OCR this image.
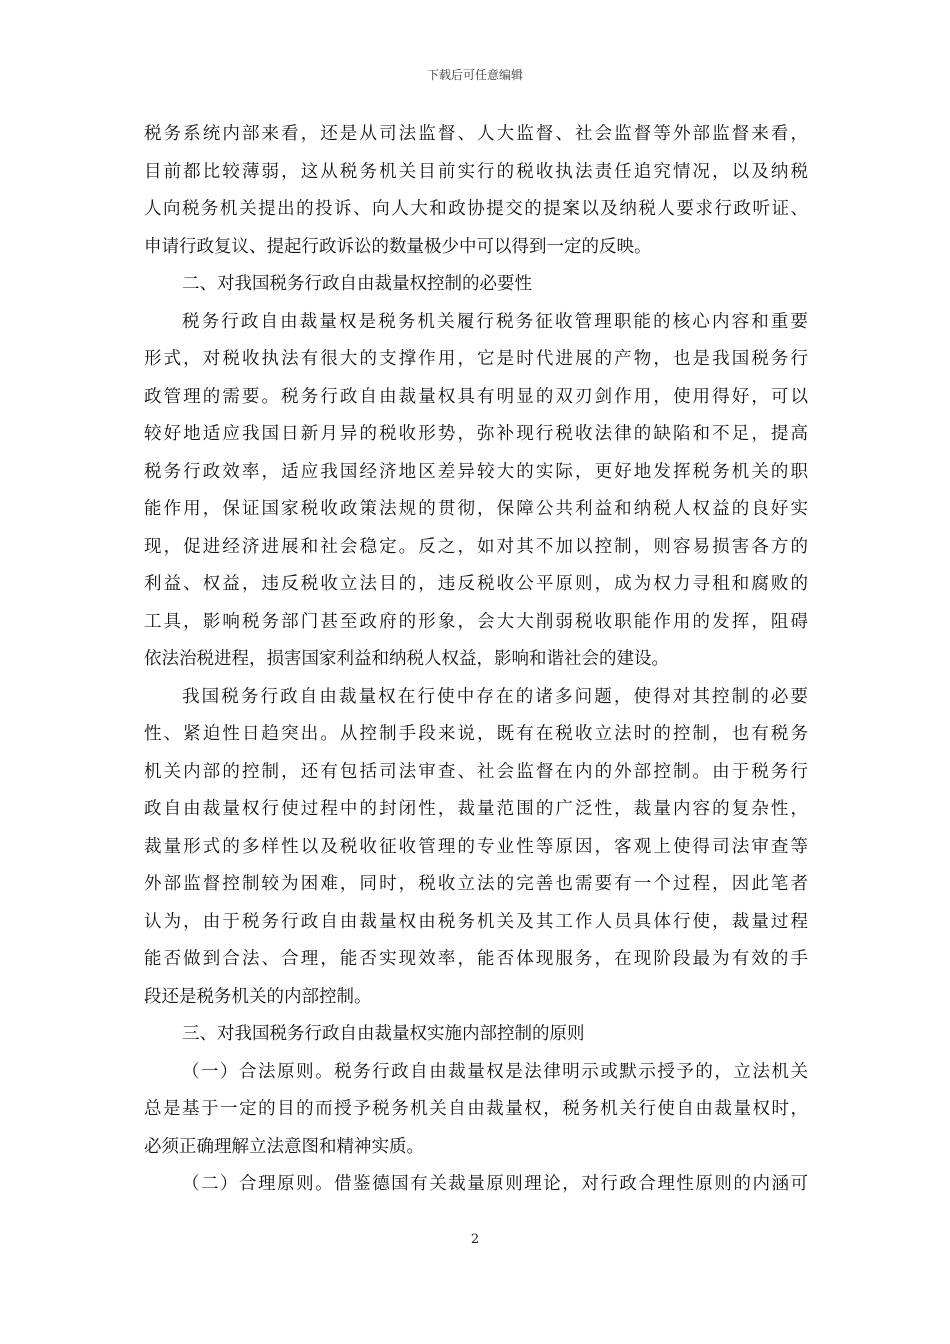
下载后可任意编辑
税务系统内部来看，还是从司法监督、人大监督、社会监督等外部监督来看，
目前都比较薄弱，这从税务机关目前实行的税收执法责任追究情况，以及纳税
人向税务机关提出的投诉、向人大和政协提交的提案以及纳税人要求行政听证、
申请行政复议、提起行政诉讼的数量极少中可以得到一定的反映。
二、对我国税务行政自由裁量权控制的必要性
税务行政自由裁量权是税务机关履行税务征收管理职能的核心内容和重要
形式，对税收执法有很大的支撑作用，它是时代进展的产物，也是我国税务行
政管理的需要。税务行政自由裁量权具有明显的双刃剑作用，使用得好，可以
较好地适应我国日新月异的税收形势，弥补现行税收法律的缺陷和不足，提高
税务行政效率，适应我国经济地区差异较大的实际，更好地发挥税务机关的职
能作用，保证国家税收政策法规的贯彻，保障公共利益和纳税人权益的良好实
现，促进经济进展和社会稳定。反之，如对其不加以控制，则容易损害各方的
利益、权益，违反税收立法目的，违反税收公平原则，成为权力寻租和腐败的
工具，影响税务部门甚至政府的形象，会大大削弱税收职能作用的发挥，阻碍
依法治税进程，损害国家利益和纳税人权益，影响和谐社会的建设。
我国税务行政自由裁量权在行使中存在的诸多问题，使得对其控制的必要
性、紧迫性日趋突出。从控制手段来说，既有在税收立法时的控制，也有税务
机关内部的控制，还有包括司法审查、社会监督在内的外部控制。由于税务行
政自由裁量权行使过程中的封闭性，裁量范围的广泛性，裁量内容的复杂性，
裁量形式的多样性以及税收征收管理的专业性等原因，客观上使得司法审查等
外部监督控制较为困难，同时，税收立法的完善也需要有一个过程，因此笔者
认为，由于税务行政自由裁量权由税务机关及其工作人员具体行使，裁量过程
能否做到合法、合理，能否实现效率，能否体现服务，在现阶段最为有效的手
段还是税务机关的内部控制。
三、对我国税务行政自由裁量权实施内部控制的原则
（一）合法原则。税务行政自由裁量权是法律明示或默示授予的，立法机关
总是基于一定的目的而授予税务机关自由裁量权，税务机关行使自由裁量权时，
必须正确理解立法意图和精神实质。
（二）合理原则。借鉴德国有关裁量原则理论，对行政合理性原则的内涵可
2
